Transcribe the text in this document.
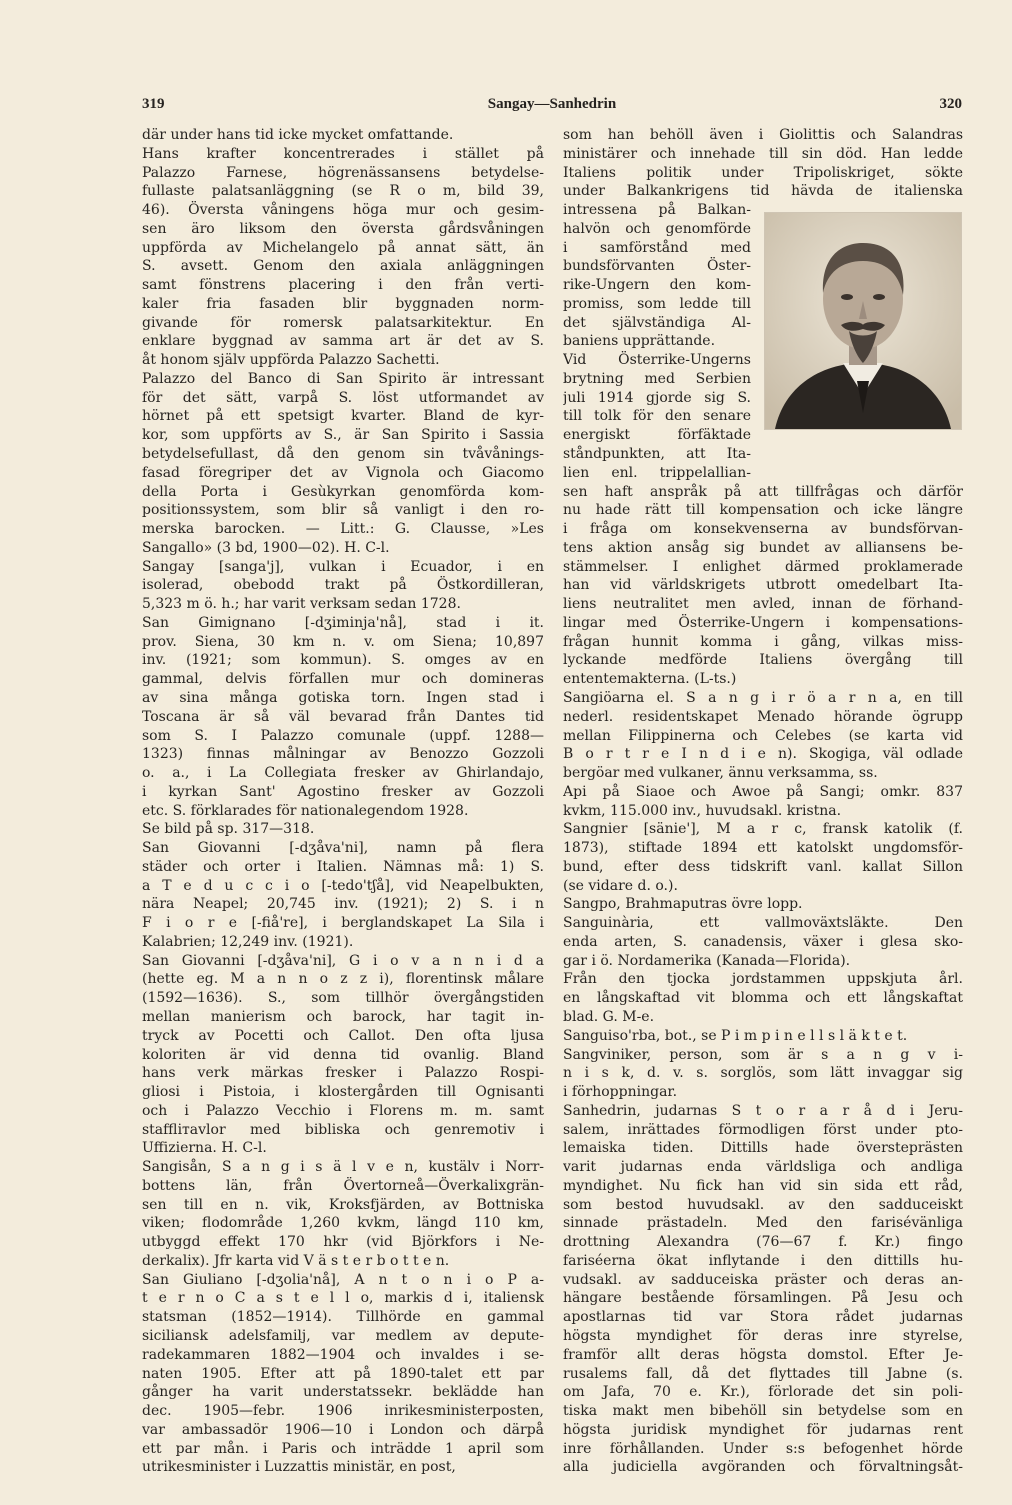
319	Sangay—Sanhedrin	320
där under hans tid icke mycket omfattande.
Hans krafter koncentrerades i stället på
Palazzo Farnese, högrenässansens betydelse-
fullaste palatsanläggning (se R o m, bild 39,
46). Översta våningens höga mur och gesim-
sen äro liksom den översta gårdsvåningen
uppförda av Michelangelo på annat sätt, än
S. avsett. Genom den axiala anläggningen
samt fönstrens placering i den från verti-
kaler fria fasaden blir byggnaden norm-
givande för romersk palatsarkitektur. En
enklare byggnad av samma art är det av S.
åt honom själv uppförda Palazzo Sachetti.
Palazzo del Banco di San Spirito är intressant
för det sätt, varpå S. löst utformandet av
hörnet på ett spetsigt kvarter. Bland de kyr-
kor, som uppförts av S., är San Spirito i Sassia
betydelsefullast, då den genom sin tvåvånings-
fasad föregriper det av Vignola och Giacomo
della Porta i Gesùkyrkan genomförda kom-
positionssystem, som blir så vanligt i den ro-
merska barocken. — Litt.: G. Clausse, »Les
Sangallo» (3 bd, 1900—02). H. C-l.
Sangay [sanga'j], vulkan i Ecuador, i en
isolerad, obebodd trakt på Östkordilleran,
5,323 m ö. h.; har varit verksam sedan 1728.
San Gimignano [-dʒiminja'nå], stad i it.
prov. Siena, 30 km n. v. om Siena; 10,897
inv. (1921; som kommun). S. omges av en
gammal, delvis förfallen mur och domineras
av sina många gotiska torn. Ingen stad i
Toscana är så väl bevarad från Dantes tid
som S. I Palazzo comunale (uppf. 1288—
1323) finnas målningar av Benozzo Gozzoli
o. a., i La Collegiata fresker av Ghirlandajo,
i kyrkan Sant' Agostino fresker av Gozzoli
etc. S. förklarades för nationalegendom 1928.
Se bild på sp. 317—318.
San Giovanni [-dʒåva'ni], namn på flera
städer och orter i Italien. Nämnas må: 1) S.
a T e d u c c i o [-tedo'tʃå], vid Neapelbukten,
nära Neapel; 20,745 inv. (1921); 2) S. i n
F i o r e [-fiå're], i berglandskapet La Sila i
Kalabrien; 12,249 inv. (1921).
San Giovanni [-dʒåva'ni], G i o v a n n i d a
(hette eg. M a n n o z z i), florentinsk målare
(1592—1636). S., som tillhör övergångstiden
mellan manierism och barock, har tagit in-
tryck av Pocetti och Callot. Den ofta ljusa
koloriten är vid denna tid ovanlig. Bland
hans verk märkas fresker i Palazzo Rospi-
gliosi i Pistoia, i klostergården till Ognisanti
och i Palazzo Vecchio i Florens m. m. samt
staffliтavlor med bibliska och genremotiv i
Uffizierna. H. C-l.
Sangisån, S a n g i s ä l v e n, kustälv i Norr-
bottens län, från Övertorneå—Överkalixgrän-
sen till en n. vik, Kroksfjärden, av Bottniska
viken; flodområde 1,260 kvkm, längd 110 km,
utbyggd effekt 170 hkr (vid Björkfors i Ne-
derkalix). Jfr karta vid V ä s t e r b o t t e n.
San Giuliano [-dʒolia'nå], A n t o n i o P a-
t e r n o C a s t e l l o, markis d i, italiensk
statsman (1852—1914). Tillhörde en gammal
siciliansk adelsfamilj, var medlem av depute-
radekammaren 1882—1904 och invaldes i se-
naten 1905. Efter att på 1890-talet ett par
gånger ha varit understatssekr. beklädde han
dec. 1905—febr. 1906 inrikesministerposten,
var ambassadör 1906—10 i London och därpå
ett par mån. i Paris och inträdde 1 april som
utrikesminister i Luzzattis ministär, en post,
som han behöll även i Giolittis och Salandras
ministärer och innehade till sin död. Han ledde
Italiens politik under Tripoliskriget, sökte
under Balkankrigens tid hävda de italienska
intressena på Balkan-
halvön och genomförde
i samförstånd med
bundsförvanten Öster-
rike-Ungern den kom-
promiss, som ledde till
det självständiga Al-
baniens upprättande.
Vid Österrike-Ungerns
brytning med Serbien
juli 1914 gjorde sig S.
till tolk för den senare
energiskt förfäktade
ståndpunkten, att Ita-
lien enl. trippelallian-
sen haft anspråk på att tillfrågas och därför
nu hade rätt till kompensation och icke längre
i fråga om konsekvenserna av bundsförvan-
tens aktion ansåg sig bundet av alliansens be-
stämmelser. I enlighet därmed proklamerade
han vid världskrigets utbrott omedelbart Ita-
liens neutralitet men avled, innan de förhand-
lingar med Österrike-Ungern i kompensations-
frågan hunnit komma i gång, vilkas miss-
lyckande medförde Italiens övergång till
ententemakterna. (L-ts.)
Sangiöarna el. S a n g i r ö a r n a, en till
nederl. residentskapet Menado hörande ögrupp
mellan Filippinerna och Celebes (se karta vid
B o r t r e I n d i e n). Skogiga, väl odlade
bergöar med vulkaner, ännu verksamma, ss.
Api på Siaoe och Awoe på Sangi; omkr. 837
kvkm, 115.000 inv., huvudsakl. kristna.
Sangnier [sänie'], M a r c, fransk katolik (f.
1873), stiftade 1894 ett katolskt ungdomsför-
bund, efter dess tidskrift vanl. kallat Sillon
(se vidare d. o.).
Sangpo, Brahmaputras övre lopp.
Sanguinària, ett vallmoväxtsläkte. Den
enda arten, S. canadensis, växer i glesa sko-
gar i ö. Nordamerika (Kanada—Florida).
Från den tjocka jordstammen uppskjuta årl.
en långskaftad vit blomma och ett långskaftat
blad. G. M-e.
Sanguiso'rba, bot., se P i m p i n e l l s l ä k t e t.
Sangviniker, person, som är s a n g v i-
n i s k, d. v. s. sorglös, som lätt invaggar sig
i förhoppningar.
Sanhedrin, judarnas S t o r a r å d i Jeru-
salem, inrättades förmodligen först under pto-
lemaiska tiden. Dittills hade översteprästen
varit judarnas enda världsliga och andliga
myndighet. Nu fick han vid sin sida ett råd,
som bestod huvudsakl. av den sadduceiskt
sinnade prästadeln. Med den farisévänliga
drottning Alexandra (76—67 f. Kr.) fingo
fariséerna ökat inflytande i den dittills hu-
vudsakl. av sadduceiska präster och deras an-
hängare bestående församlingen. På Jesu och
apostlarnas tid var Stora rådet judarnas
högsta myndighet för deras inre styrelse,
framför allt deras högsta domstol. Efter Je-
rusalems fall, då det flyttades till Jabne (s.
om Jafa, 70 e. Kr.), förlorade det sin poli-
tiska makt men bibehöll sin betydelse som en
högsta juridisk myndighet för judarnas rent
inre förhållanden. Under s:s befogenhet hörde
alla judiciella avgöranden och förvaltningsåt-
